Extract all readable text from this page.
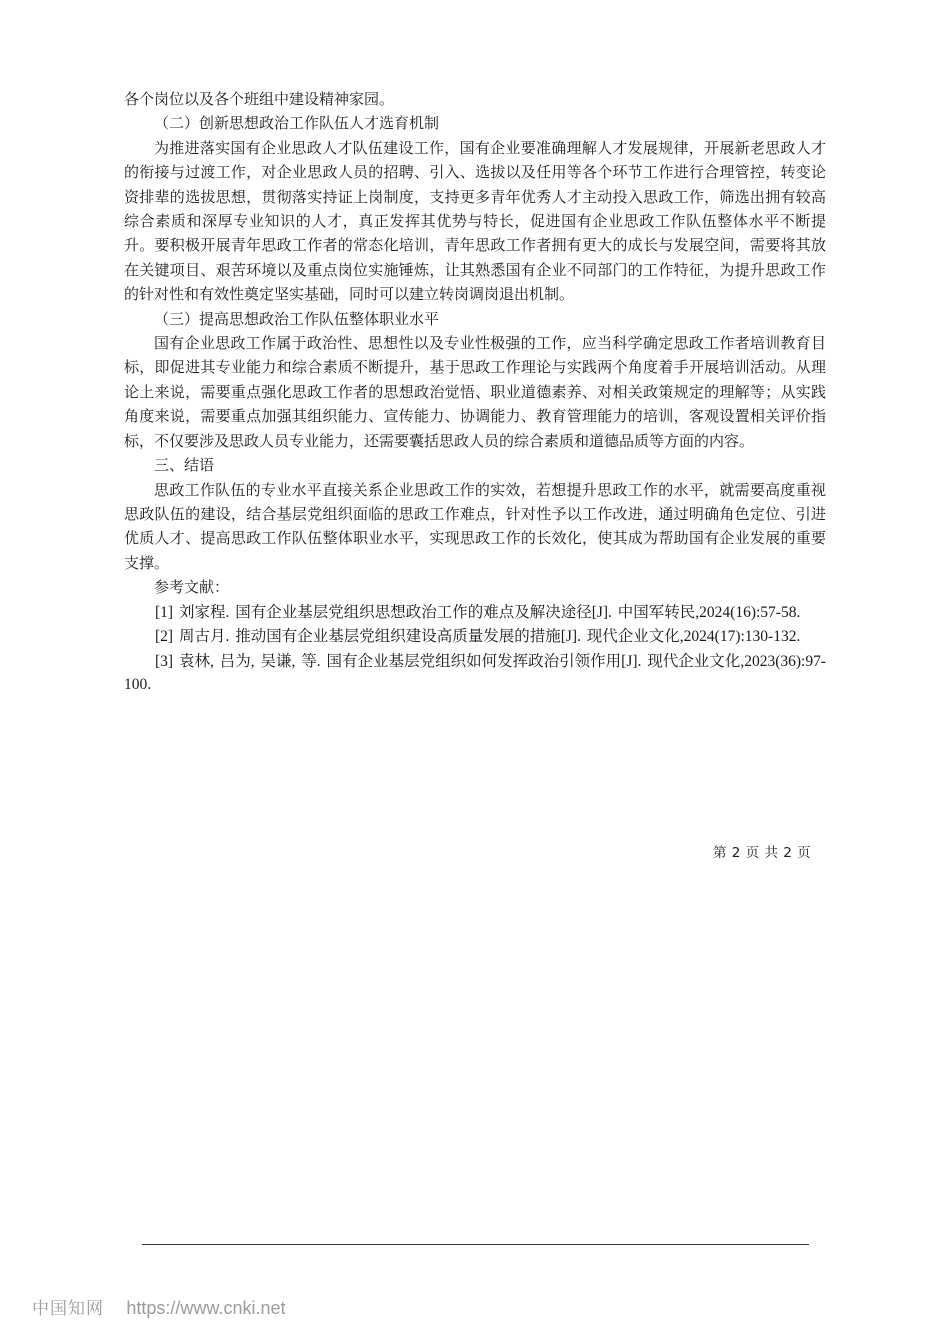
各个岗位以及各个班组中建设精神家园。

（二）创新思想政治工作队伍人才选育机制

为推进落实国有企业思政人才队伍建设工作，国有企业要准确理解人才发展规律，开展新老思政人才的衔接与过渡工作，对企业思政人员的招聘、引入、选拔以及任用等各个环节工作进行合理管控，转变论资排辈的选拔思想，贯彻落实持证上岗制度，支持更多青年优秀人才主动投入思政工作，筛选出拥有较高综合素质和深厚专业知识的人才，真正发挥其优势与特长，促进国有企业思政工作队伍整体水平不断提升。要积极开展青年思政工作者的常态化培训，青年思政工作者拥有更大的成长与发展空间，需要将其放在关键项目、艰苦环境以及重点岗位实施锤炼，让其熟悉国有企业不同部门的工作特征，为提升思政工作的针对性和有效性奠定坚实基础，同时可以建立转岗调岗退出机制。

（三）提高思想政治工作队伍整体职业水平

国有企业思政工作属于政治性、思想性以及专业性极强的工作，应当科学确定思政工作者培训教育目标，即促进其专业能力和综合素质不断提升，基于思政工作理论与实践两个角度着手开展培训活动。从理论上来说，需要重点强化思政工作者的思想政治觉悟、职业道德素养、对相关政策规定的理解等；从实践角度来说，需要重点加强其组织能力、宣传能力、协调能力、教育管理能力的培训，客观设置相关评价指标，不仅要涉及思政人员专业能力，还需要囊括思政人员的综合素质和道德品质等方面的内容。

三、结语

思政工作队伍的专业水平直接关系企业思政工作的实效，若想提升思政工作的水平，就需要高度重视思政队伍的建设，结合基层党组织面临的思政工作难点，针对性予以工作改进，通过明确角色定位、引进优质人才、提高思政工作队伍整体职业水平，实现思政工作的长效化，使其成为帮助国有企业发展的重要支撑。

参考文献：

[1] 刘家程. 国有企业基层党组织思想政治工作的难点及解决途径[J]. 中国军转民,2024(16):57-58.

[2] 周古月. 推动国有企业基层党组织建设高质量发展的措施[J]. 现代企业文化,2024(17):130-132.

[3] 袁林, 吕为, 吴谦, 等. 国有企业基层党组织如何发挥政治引领作用[J]. 现代企业文化,2023(36):97-100.

第 2 页 共 2 页
中国知网 https://www.cnki.net
